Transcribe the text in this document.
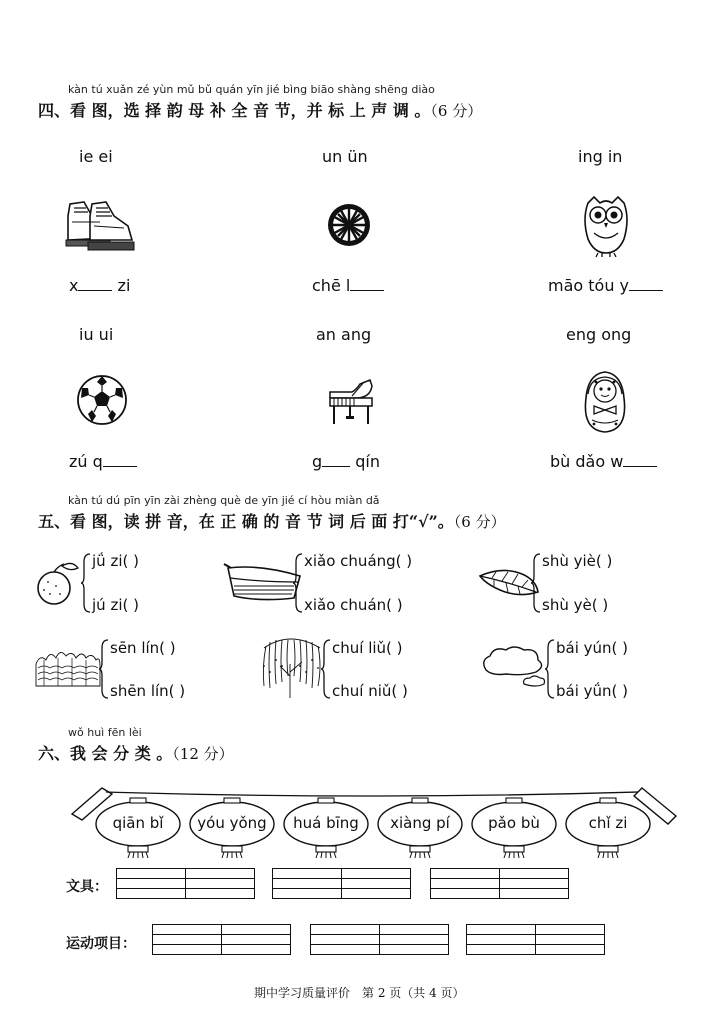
kàn tú xuǎn zé yùn mǔ bǔ quán yīn jié bìng biāo shàng shēng diào
四、看 图，选 择 韵 母 补 全 音 节，并 标 上 声 调 。（6 分）
ie ei	un ün	ing in
x zi	chē l	māo tóu y
iu ui	an ang	eng ong
zú q	g qín	bù dǎo w
kàn tú dú pīn yīn zài zhèng què de yīn jié cí hòu miàn dǎ
五、看 图，读 拼 音，在 正 确 的 音 节 词 后 面 打“√”。（6 分）
jǘ zi( )
jú zi( )
xiǎo chuáng( )
xiǎo chuán( )
shù yiè( )
shù yè( )
sēn lín( )
shēn lín( )
chuí liǔ( )
chuí niǔ( )
bái yún( )
bái yǘn( )
wǒ huì fēn lèi
六、我 会 分 类 。（12 分）
qiān bǐ	yóu yǒng	huá bīng	xiàng pí	pǎo bù	chǐ zi
文具：

运动项目：

期中学习质量评价　第 2 页（共 4 页）
